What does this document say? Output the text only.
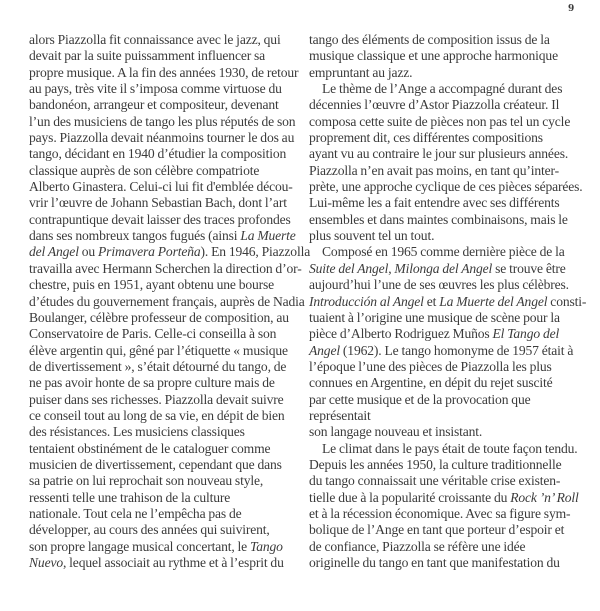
9
alors Piazzolla fit connaissance avec le jazz, qui
devait par la suite puissamment influencer sa
propre musique. A la fin des années 1930, de retour
au pays, très vite il s’imposa comme virtuose du
bandonéon, arrangeur et compositeur, devenant
l’un des musiciens de tango les plus réputés de son
pays. Piazzolla devait néanmoins tourner le dos au
tango, décidant en 1940 d’étudier la composition
classique auprès de son célèbre compatriote
Alberto Ginastera. Celui-ci lui fit d'emblée décou-
vrir l’œuvre de Johann Sebastian Bach, dont l’art
contrapuntique devait laisser des traces profondes
dans ses nombreux tangos fugués (ainsi La Muerte
del Angel ou Primavera Porteña). En 1946, Piazzolla
travailla avec Hermann Scherchen la direction d’or-
chestre, puis en 1951, ayant obtenu une bourse
d’études du gouvernement français, auprès de Nadia
Boulanger, célèbre professeur de composition, au
Conservatoire de Paris. Celle-ci conseilla à son
élève argentin qui, gêné par l’étiquette « musique
de divertissement », s’était détourné du tango, de
ne pas avoir honte de sa propre culture mais de
puiser dans ses richesses. Piazzolla devait suivre
ce conseil tout au long de sa vie, en dépit de bien
des résistances. Les musiciens classiques
tentaient obstinément de le cataloguer comme
musicien de divertissement, cependant que dans
sa patrie on lui reprochait son nouveau style,
ressenti telle une trahison de la culture
nationale. Tout cela ne l’empêcha pas de
développer, au cours des années qui suivirent,
son propre langage musical concertant, le Tango
Nuevo, lequel associait au rythme et à l’esprit du
tango des éléments de composition issus de la
musique classique et une approche harmonique
empruntant au jazz.
Le thème de l’Ange a accompagné durant des
décennies l’œuvre d’Astor Piazzolla créateur. Il
composa cette suite de pièces non pas tel un cycle
proprement dit, ces différentes compositions
ayant vu au contraire le jour sur plusieurs années.
Piazzolla n’en avait pas moins, en tant qu’inter-
prète, une approche cyclique de ces pièces séparées.
Lui-même les a fait entendre avec ses différents
ensembles et dans maintes combinaisons, mais le
plus souvent tel un tout.
Composé en 1965 comme dernière pièce de la
Suite del Angel, Milonga del Angel se trouve être
aujourd’hui l’une de ses œuvres les plus célèbres.
Introducción al Angel et La Muerte del Angel consti-
tuaient à l’origine une musique de scène pour la
pièce d’Alberto Rodriguez Muños El Tango del
Angel (1962). Le tango homonyme de 1957 était à
l’époque l’une des pièces de Piazzolla les plus
connues en Argentine, en dépit du rejet suscité
par cette musique et de la provocation que
représentait
son langage nouveau et insistant.
Le climat dans le pays était de toute façon tendu.
Depuis les années 1950, la culture traditionnelle
du tango connaissait une véritable crise existen-
tielle due à la popularité croissante du Rock ’n’ Roll
et à la récession économique. Avec sa figure sym-
bolique de l’Ange en tant que porteur d’espoir et
de confiance, Piazzolla se réfère une idée
originelle du tango en tant que manifestation du
